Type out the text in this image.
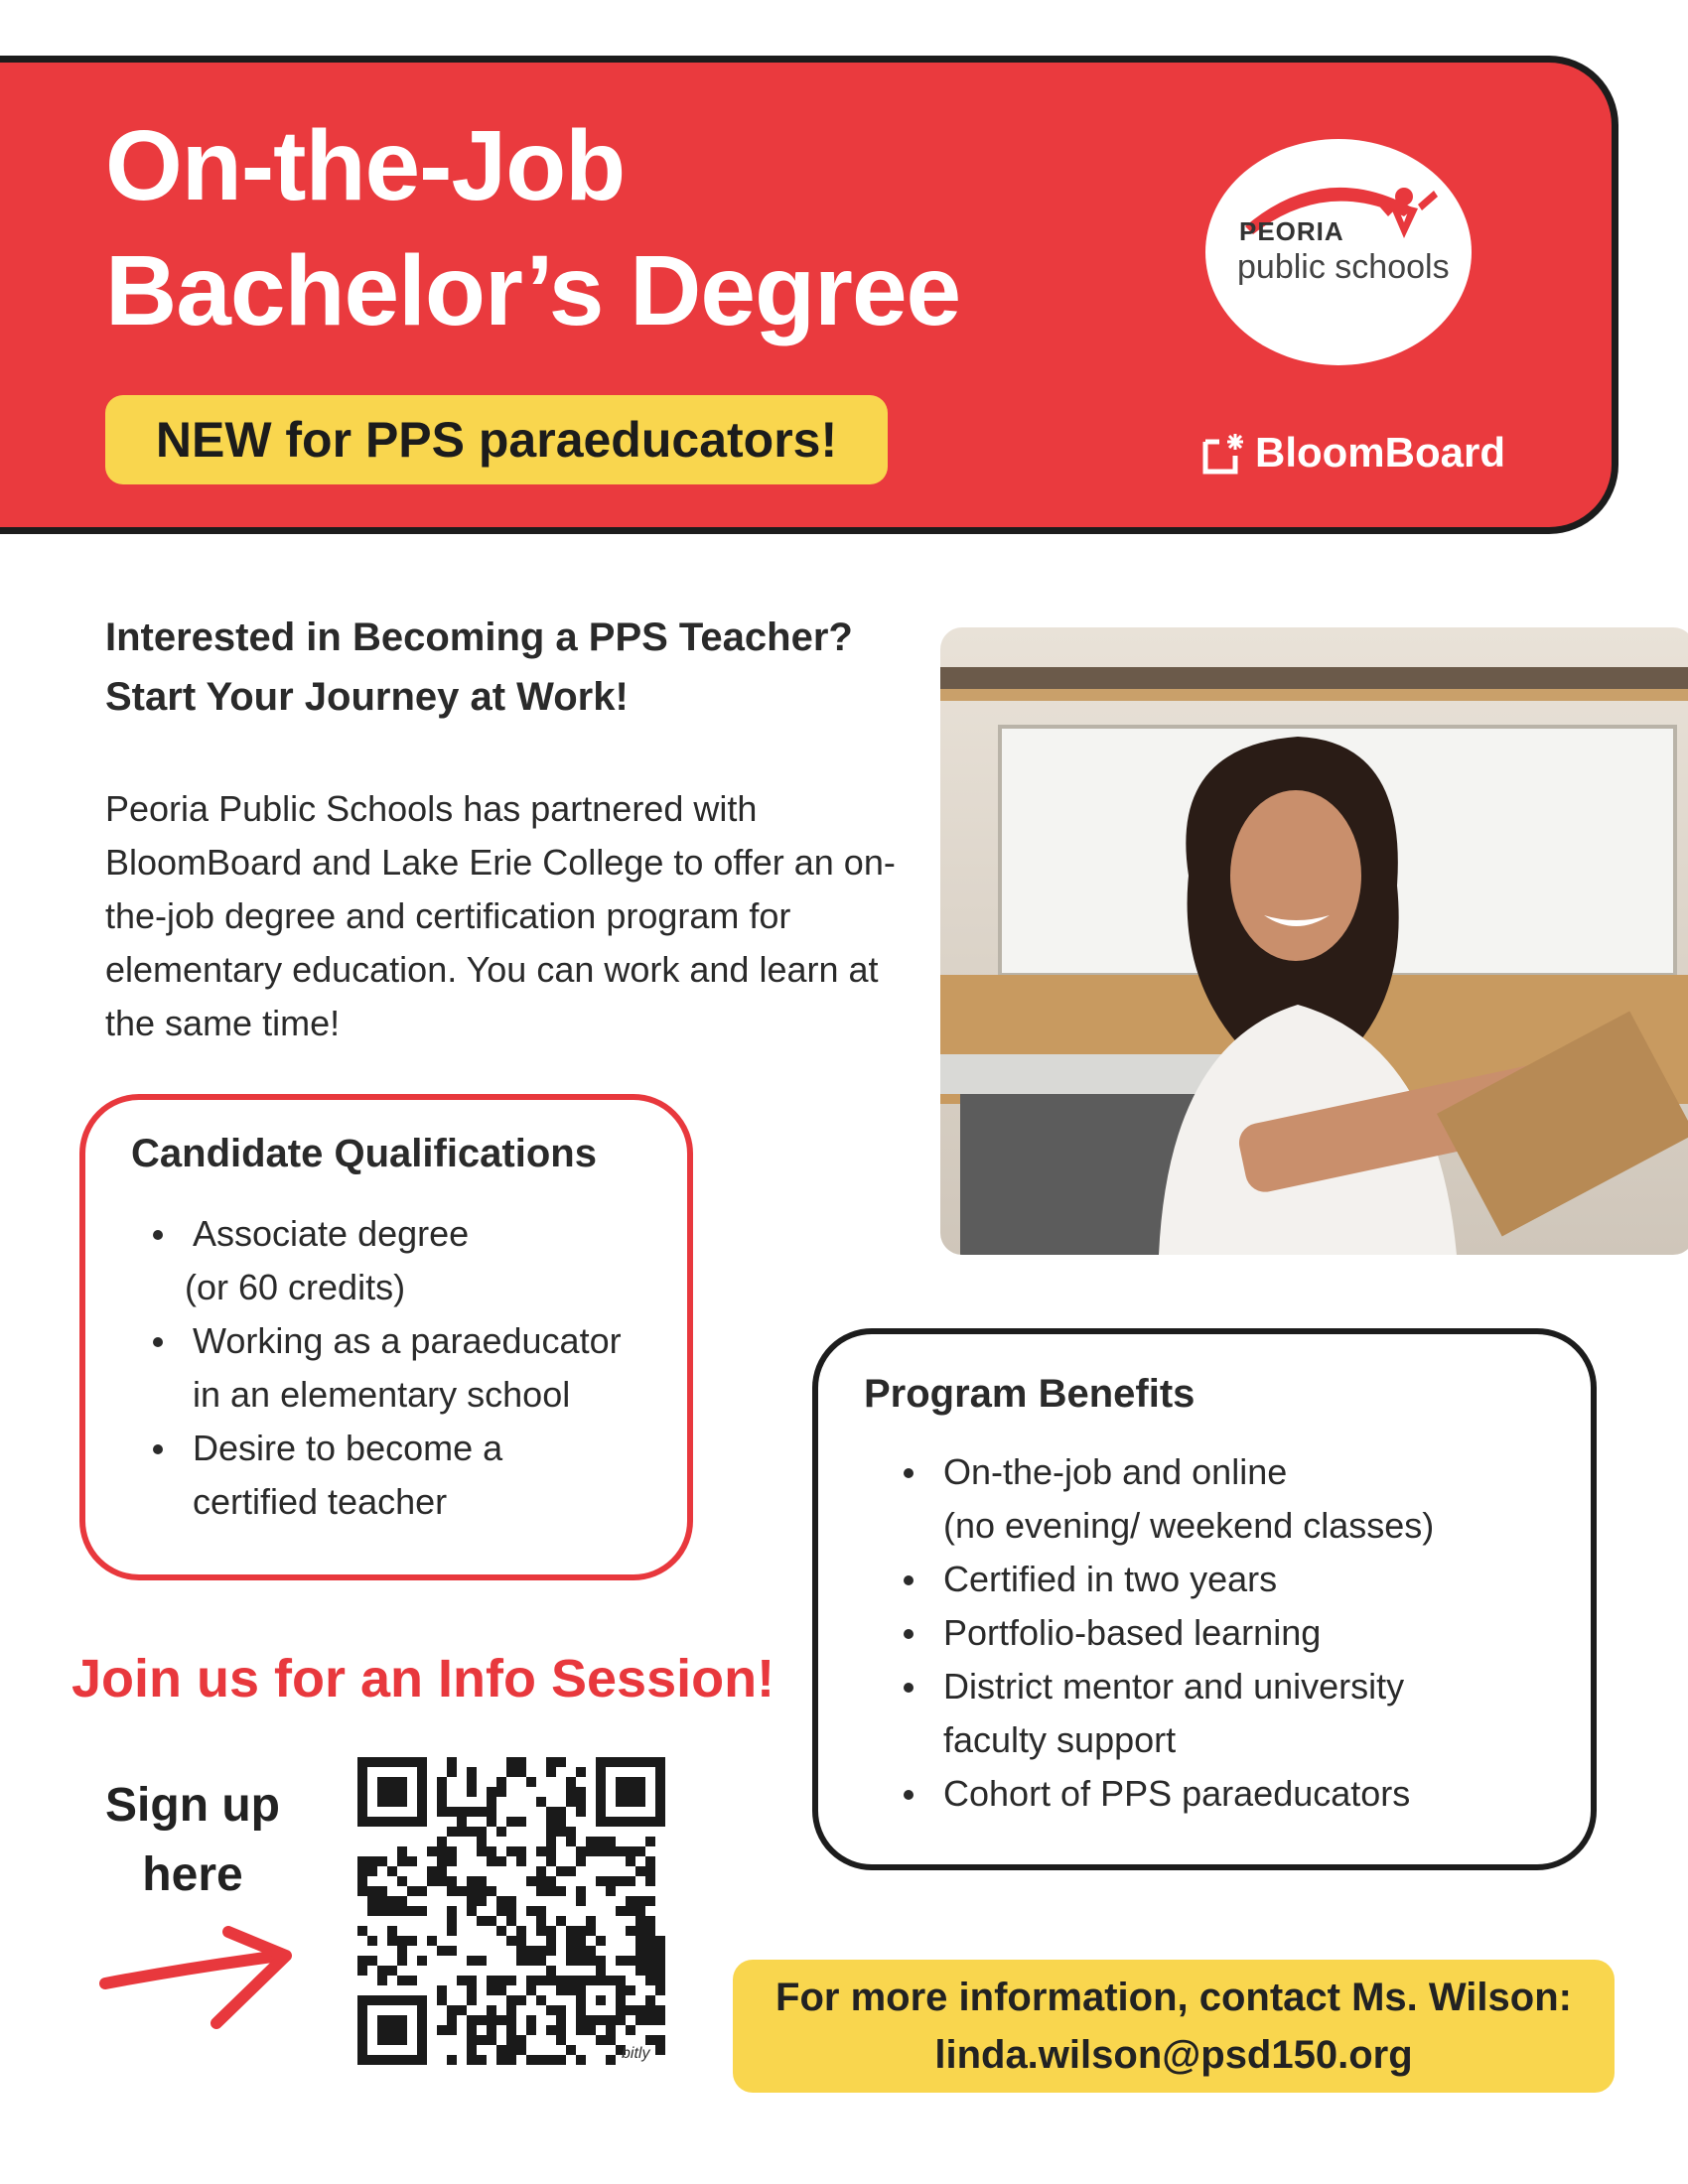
On-the-Job
Bachelor’s Degree
NEW for PPS paraeducators!
PEORIA
public schools
BloomBoard
Interested in Becoming a PPS Teacher?
Start Your Journey at Work!

Peoria Public Schools has partnered with BloomBoard and Lake Erie College to offer an on-the-job degree and certification program for elementary education. You can work and learn at the same time!

Candidate Qualifications
Associate degree
(or 60 credits)
Working as a paraeducator
in an elementary school
Desire to become a
certified teacher
Program Benefits
On-the-job and online
(no evening/ weekend classes)
Certified in two years
Portfolio-based learning
District mentor and university
faculty support
Cohort of PPS paraeducators
Join us for an Info Session!
Sign up
here
bitly
For more information, contact Ms. Wilson:
linda.wilson@psd150.org
